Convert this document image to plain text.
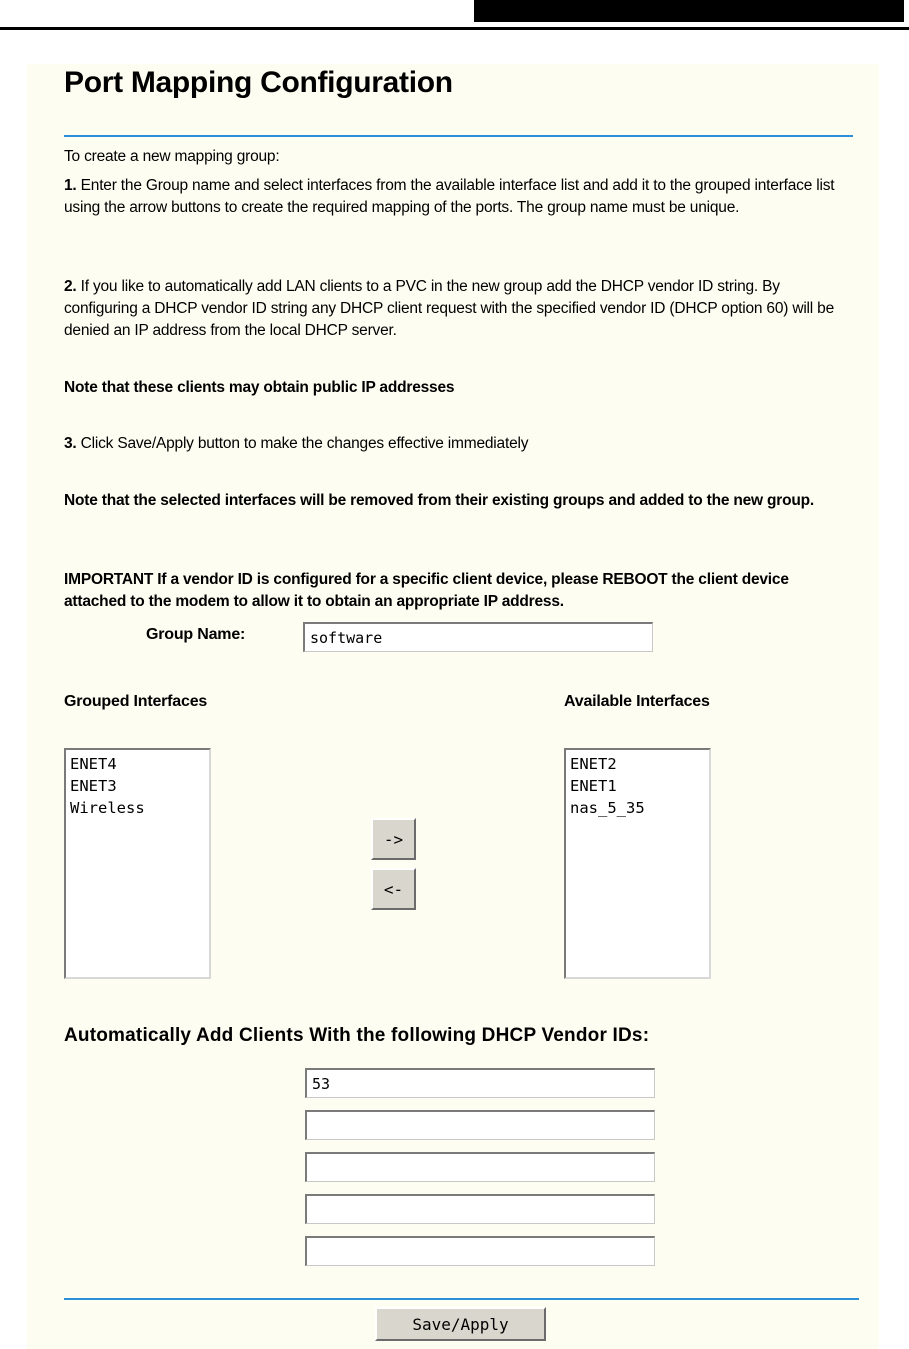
Port Mapping Configuration

To create a new mapping group:

1. Enter the Group name and select interfaces from the available interface list and add it to the grouped interface list using the arrow buttons to create the required mapping of the ports. The group name must be unique.

2. If you like to automatically add LAN clients to a PVC in the new group add the DHCP vendor ID string. By configuring a DHCP vendor ID string any DHCP client request with the specified vendor ID (DHCP option 60) will be denied an IP address from the local DHCP server.

Note that these clients may obtain public IP addresses

3. Click Save/Apply button to make the changes effective immediately

Note that the selected interfaces will be removed from their existing groups and added to the new group.

IMPORTANT If a vendor ID is configured for a specific client device, please REBOOT the client device attached to the modem to allow it to obtain an appropriate IP address.

Group Name:
software
Grouped Interfaces	Available Interfaces
ENET4
ENET3
Wireless
->
<-
ENET2
ENET1
nas_5_35
Automatically Add Clients With the following DHCP Vendor IDs:
53
Save/Apply
